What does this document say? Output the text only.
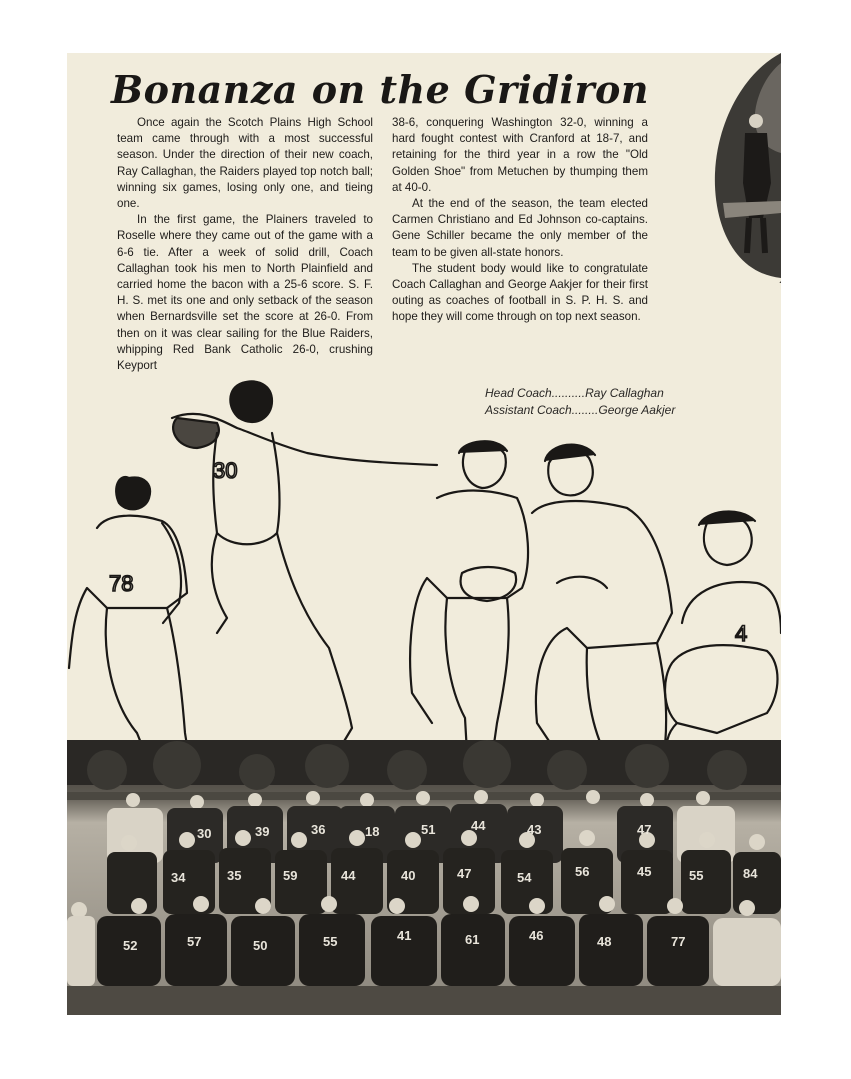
Bonanza on the Gridiron

Once again the Scotch Plains High School team came through with a most successful season. Under the direction of their new coach, Ray Callaghan, the Raiders played top notch ball; winning six games, losing only one, and tieing one.

In the first game, the Plainers traveled to Roselle where they came out of the game with a 6-6 tie. After a week of solid drill, Coach Callaghan took his men to North Plainfield and carried home the bacon with a 25-6 score. S. F. H. S. met its one and only setback of the season when Bernardsville set the score at 26-0. From then on it was clear sailing for the Blue Raiders, whipping Red Bank Catholic 26-0, crushing Keyport

38-6, conquering Washington 32-0, winning a hard fought contest with Cranford at 18-7, and retaining for the third year in a row the "Old Golden Shoe" from Metuchen by thumping them at 40-0.

At the end of the season, the team elected Carmen Christiano and Ed Johnson co-captains. Gene Schiller became the only member of the team to be given all-state honors.

The student body would like to congratulate Coach Callaghan and George Aakjer for their first outing as coaches of football in S. P. H. S. and hope they will come through on top next season.

Head Coach .......... Ray Callaghan
Assistant Coach ........ George Aakjer
78
30
4
30	39	36	18	51	44	43	47
34	35	59	44	40	47	54	56	45	55	84
52	57	50	55	41	61	46	48	77
